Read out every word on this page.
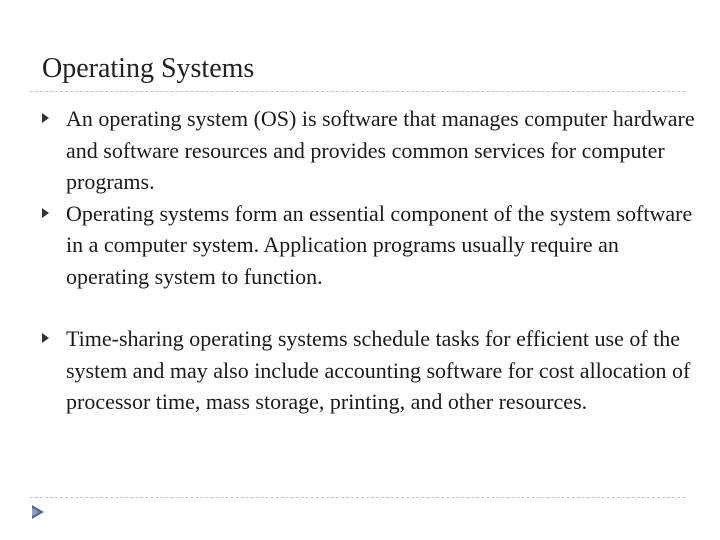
Operating Systems
An operating system (OS) is software that manages computer hardware and software resources and provides common services for computer programs.
Operating systems form an essential component of the system software in a computer system. Application programs usually require an operating system to function.
Time-sharing operating systems schedule tasks for efficient use of the system and may also include accounting software for cost allocation of processor time, mass storage, printing, and other resources.
